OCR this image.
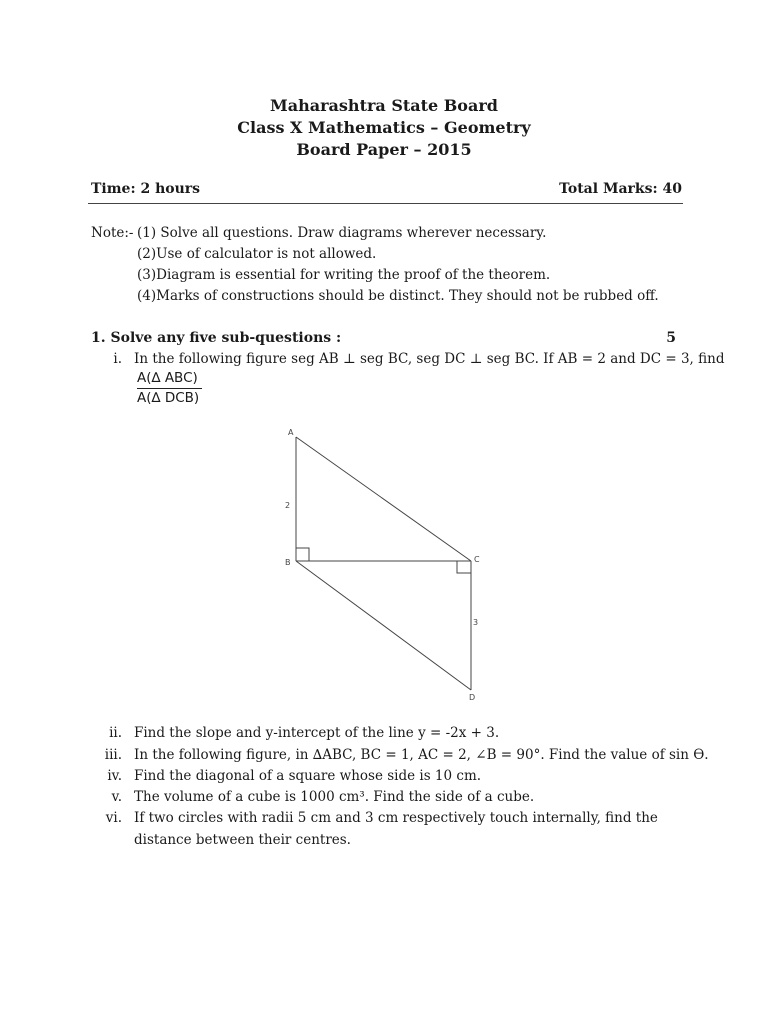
Maharashtra State Board
Class X Mathematics – Geometry
Board Paper – 2015
Time: 2 hours	Total Marks: 40
Note:- (1) Solve all questions. Draw diagrams wherever necessary.
(2)Use of calculator is not allowed.
(3)Diagram is essential for writing the proof of the theorem.
(4)Marks of constructions should be distinct. They should not be rubbed off.
1. Solve any five sub-questions :	5
i. In the following figure seg AB ⊥ seg BC, seg DC ⊥ seg BC. If AB = 2 and DC = 3, find
A(∆ ABC)
A(∆ DCB)
A
B	C
D
2
3
ii. Find the slope and y-intercept of the line y = -2x + 3.
iii. In the following figure, in ∆ABC, BC = 1, AC = 2, ∠B = 90°. Find the value of sin Ѳ.
iv. Find the diagonal of a square whose side is 10 cm.
v. The volume of a cube is 1000 cm³. Find the side of a cube.
vi. If two circles with radii 5 cm and 3 cm respectively touch internally, find the
distance between their centres.
